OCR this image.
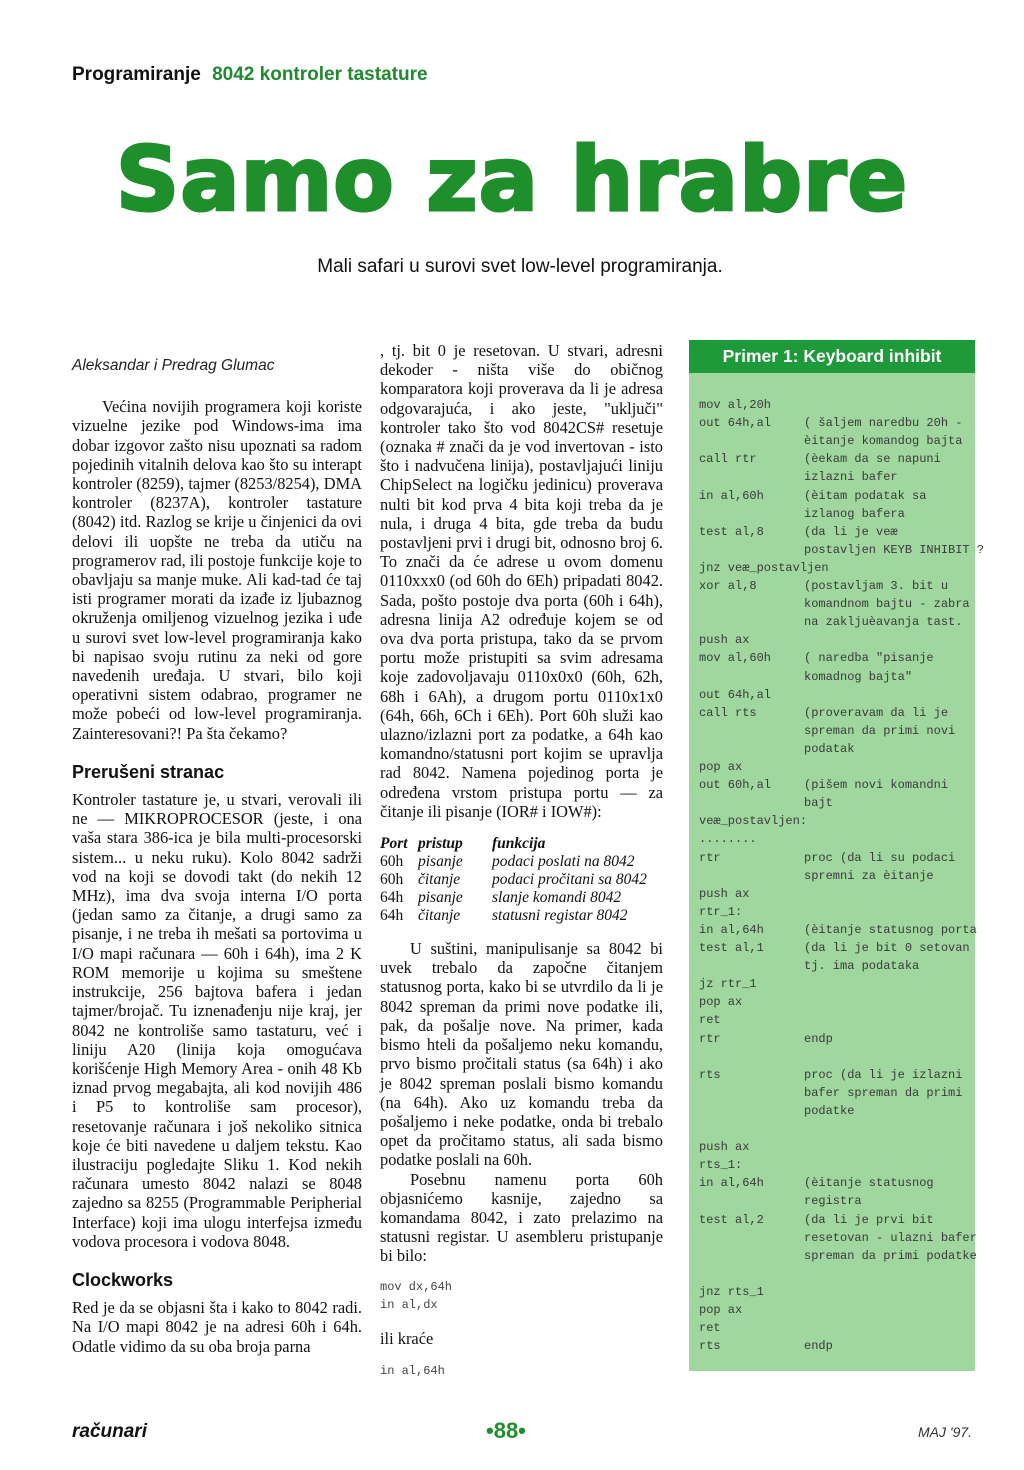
Programiranje 8042 kontroler tastature
Samo za hrabre
Mali safari u surovi svet low-level programiranja.
Aleksandar i Predrag Glumac

Većina novijih programera koji koriste vizuelne jezike pod Windows-ima ima dobar izgovor zašto nisu upoznati sa radom pojedinih vitalnih delova kao što su interapt kontroler (8259), tajmer (8253/8254), DMA kontroler (8237A), kontroler tastature (8042) itd. Razlog se krije u činjenici da ovi delovi ili uopšte ne treba da utiču na programerov rad, ili postoje funkcije koje to obavljaju sa manje muke. Ali kad-tad će taj isti programer morati da izađe iz ljubaznog okruženja omiljenog vizuelnog jezika i uđe u surovi svet low-level programiranja kako bi napisao svoju rutinu za neki od gore navedenih uređaja. U stvari, bilo koji operativni sistem odabrao, programer ne može pobeći od low-level programiranja. Zainteresovani?! Pa šta čekamo?

Prerušeni stranac

Kontroler tastature je, u stvari, verovali ili ne — MIKROPROCESOR (jeste, i ona vaša stara 386-ica je bila multi-procesorski sistem... u neku ruku). Kolo 8042 sadrži vod na koji se dovodi takt (do nekih 12 MHz), ima dva svoja interna I/O porta (jedan samo za čitanje, a drugi samo za pisanje, i ne treba ih mešati sa portovima u I/O mapi računara — 60h i 64h), ima 2 K ROM memorije u kojima su smeštene instrukcije, 256 bajtova bafera i jedan tajmer/brojač. Tu iznenađenju nije kraj, jer 8042 ne kontroliše samo tastaturu, već i liniju A20 (linija koja omogućava korišćenje High Memory Area - onih 48 Kb iznad prvog megabajta, ali kod novijih 486 i P5 to kontroliše sam procesor), resetovanje računara i još nekoliko sitnica koje će biti navedene u daljem tekstu. Kao ilustraciju pogledajte Sliku 1. Kod nekih računara umesto 8042 nalazi se 8048 zajedno sa 8255 (Programmable Peripherial Interface) koji ima ulogu interfejsa između vodova procesora i vodova 8048.

Clockworks

Red je da se objasni šta i kako to 8042 radi. Na I/O mapi 8042 je na adresi 60h i 64h. Odatle vidimo da su oba broja parna

, tj. bit 0 je resetovan. U stvari, adresni dekoder - ništa više do običnog komparatora koji proverava da li je adresa odgovarajuća, i ako jeste, "uključi" kontroler tako što vod 8042CS# resetuje (oznaka # znači da je vod invertovan - isto što i nadvučena linija), postavljajući liniju ChipSelect na logičku jedinicu) proverava nulti bit kod prva 4 bita koji treba da je nula, i druga 4 bita, gde treba da budu postavljeni prvi i drugi bit, odnosno broj 6. To znači da će adrese u ovom domenu 0110xxx0 (od 60h do 6Eh) pripadati 8042. Sada, pošto postoje dva porta (60h i 64h), adresna linija A2 određuje kojem se od ova dva porta pristupa, tako da se prvom portu može pristupiti sa svim adresama koje zadovoljavaju 0110x0x0 (60h, 62h, 68h i 6Ah), a drugom portu 0110x1x0 (64h, 66h, 6Ch i 6Eh). Port 60h služi kao ulazno/izlazni port za podatke, a 64h kao komandno/statusni port kojim se upravlja rad 8042. Namena pojedinog porta je određena vrstom pristupa portu — za čitanje ili pisanje (IOR# i IOW#):

Port	pristup	funkcija
60h	pisanje	podaci poslati na 8042
60h	čitanje	podaci pročitani sa 8042
64h	pisanje	slanje komandi 8042
64h	čitanje	statusni registar 8042

U suštini, manipulisanje sa 8042 bi uvek trebalo da započne čitanjem statusnog porta, kako bi se utvrdilo da li je 8042 spreman da primi nove podatke ili, pak, da pošalje nove. Na primer, kada bismo hteli da pošaljemo neku komandu, prvo bismo pročitali status (sa 64h) i ako je 8042 spreman poslali bismo komandu (na 64h). Ako uz komandu treba da pošaljemo i neke podatke, onda bi trebalo opet da pročitamo status, ali sada bismo podatke poslali na 60h.

Posebnu namenu porta 60h objasnićemo kasnije, zajedno sa komandama 8042, i zato prelazimo na statusni registar. U asembleru pristupanje bi bilo:

mov dx,64h
in al,dx

ili kraće

in al,64h
Primer 1: Keyboard inhibit
mov al,20h
out 64h,al	( šaljem naredbu 20h -
èitanje komandog bajta
call rtr	(èekam da se napuni
izlazni bafer
in al,60h	(èitam podatak sa
izlanog bafera
test al,8	(da li je veæ
postavljen KEYB INHIBIT ?
jnz veæ_postavljen
xor al,8	(postavljam 3. bit u
komandnom bajtu - zabra
na zakljuèavanja tast.
push ax
mov al,60h	( naredba "pisanje
komadnog bajta"
out 64h,al
call rts	(proveravam da li je
spreman da primi novi
podatak
pop ax
out 60h,al	(pišem novi komandni
bajt
veæ_postavljen:
........
rtr	proc (da li su podaci
spremni za èitanje
push ax
rtr_1:
in al,64h	(èitanje statusnog porta
test al,1	(da li je bit 0 setovan
tj. ima podataka
jz rtr_1
pop ax
ret
rtr	endp
rts	proc (da li je izlazni
bafer spreman da primi
podatke
push ax
rts_1:
in al,64h	(èitanje statusnog
registra
test al,2	(da li je prvi bit
resetovan - ulazni bafer
spreman da primi podatke
jnz rts_1
pop ax
ret
rts	endp
računari	•88•	MAJ '97.
